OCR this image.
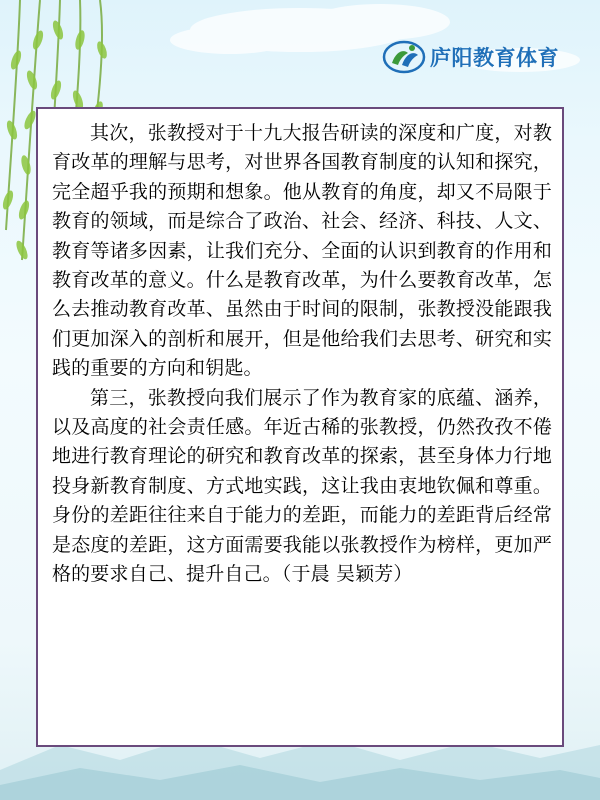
庐阳教育体育

其次，张教授对于十九大报告研读的深度和广度，对教育改革的理解与思考，对世界各国教育制度的认知和探究，完全超乎我的预期和想象。他从教育的角度，却又不局限于教育的领域，而是综合了政治、社会、经济、科技、人文、教育等诸多因素，让我们充分、全面的认识到教育的作用和教育改革的意义。什么是教育改革，为什么要教育改革，怎么去推动教育改革、虽然由于时间的限制，张教授没能跟我们更加深入的剖析和展开，但是他给我们去思考、研究和实践的重要的方向和钥匙。

第三，张教授向我们展示了作为教育家的底蕴、涵养，以及高度的社会责任感。年近古稀的张教授，仍然孜孜不倦地进行教育理论的研究和教育改革的探索，甚至身体力行地投身新教育制度、方式地实践，这让我由衷地钦佩和尊重。身份的差距往往来自于能力的差距，而能力的差距背后经常是态度的差距，这方面需要我能以张教授作为榜样，更加严格的要求自己、提升自己。（于晨 吴颖芳）
